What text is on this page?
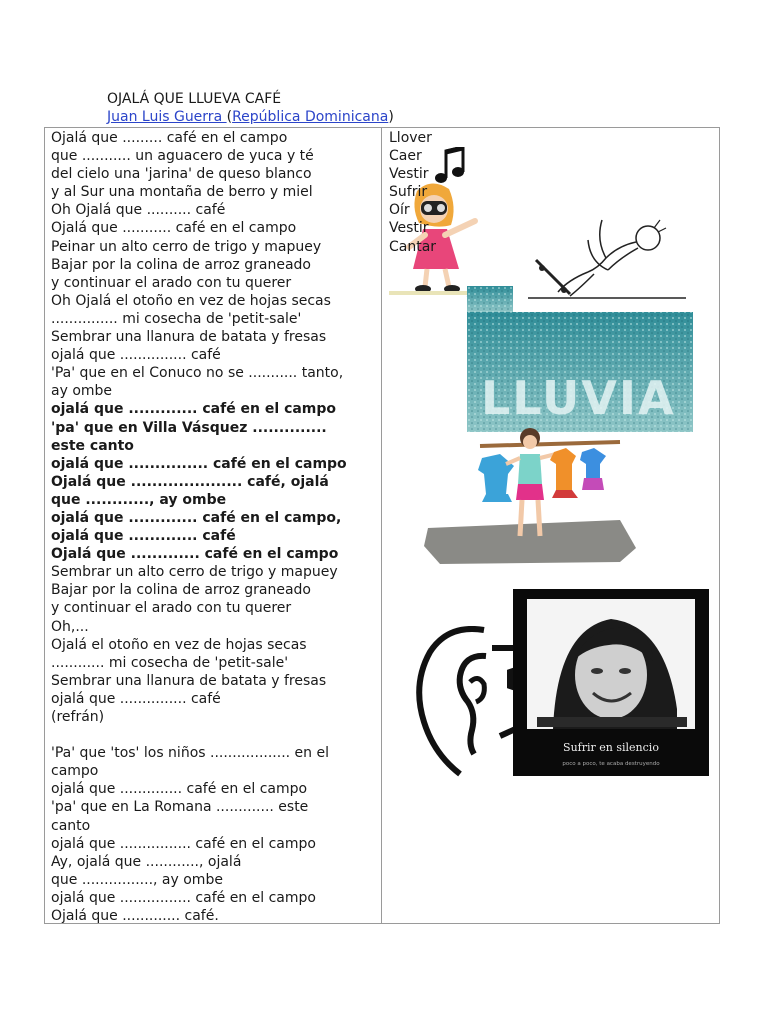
OJALÁ QUE LLUEVA CAFÉ
Juan Luis Guerra (República Dominicana)
Ojalá que ......... café en el campo
que ........... un aguacero de yuca y té
del cielo una 'jarina' de queso blanco
y al Sur una montaña de berro y miel
Oh Ojalá que .......... café
Ojalá que ........... café en el campo
Peinar un alto cerro de trigo y mapuey
Bajar por la colina de arroz graneado
y continuar el arado con tu querer
Oh Ojalá el otoño en vez de hojas secas
............... mi cosecha de 'petit-sale'
Sembrar una llanura de batata y fresas
ojalá que ............... café
'Pa' que en el Conuco no se ........... tanto,
ay ombe
ojalá que ............. café en el campo
'pa' que en Villa Vásquez ..............
este canto
ojalá que ............... café en el campo
Ojalá que ..................... café, ojalá
que ............, ay ombe
ojalá que ............. café en el campo,
ojalá que ............. café
Ojalá que ............. café en el campo
Sembrar un alto cerro de trigo y mapuey
Bajar por la colina de arroz graneado
y continuar el arado con tu querer
Oh,...
Ojalá el otoño en vez de hojas secas
............ mi cosecha de 'petit-sale'
Sembrar una llanura de batata y fresas
ojalá que ............... café
(refrán)
'Pa' que 'tos' los niños .................. en el
campo
ojalá que .............. café en el campo
'pa' que en La Romana ............. este
canto
ojalá que ................ café en el campo
Ay, ojalá que ............, ojalá
que ................, ay ombe
ojalá que ................ café en el campo
Ojalá que ............. café.
LLUVIA
Sufrir en silencio
poco a poco, te acaba destruyendo
Llover
Caer
Vestir
Sufrir
Oír
Vestir
Cantar
